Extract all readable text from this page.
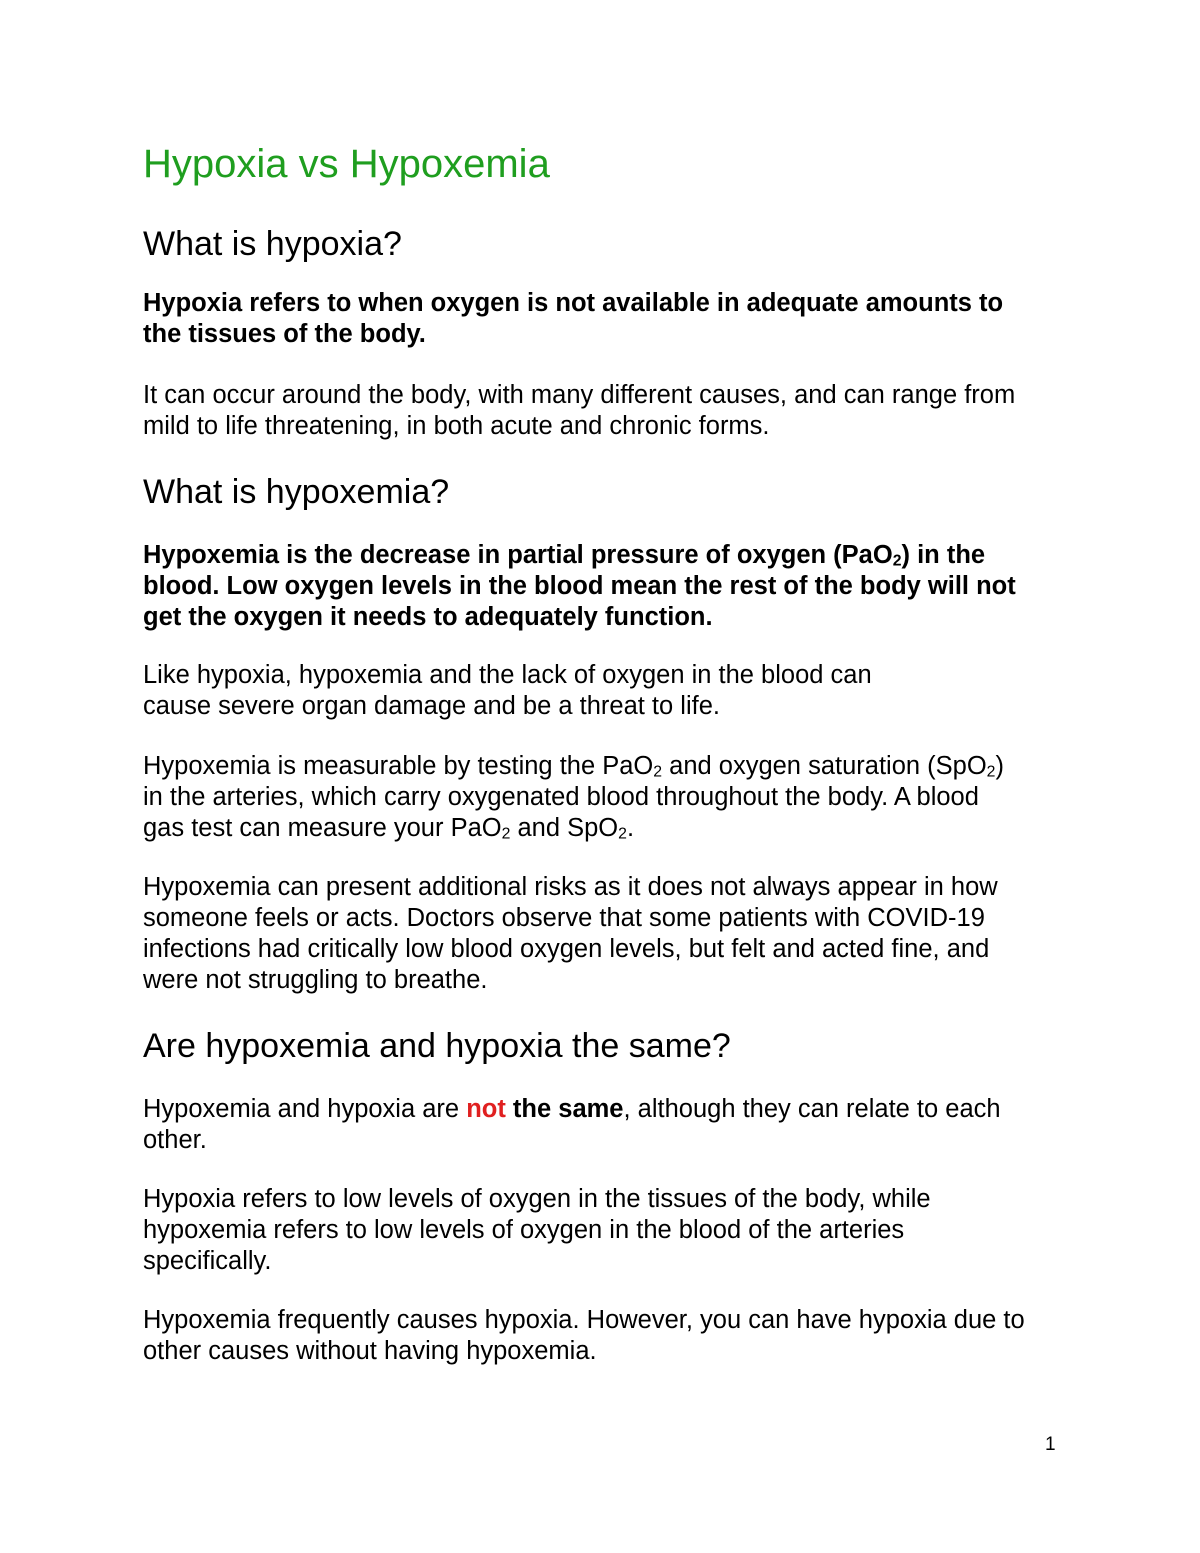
Hypoxia vs Hypoxemia
What is hypoxia?

Hypoxia refers to when oxygen is not available in adequate amounts to
the tissues of the body.

It can occur around the body, with many different causes, and can range from
mild to life threatening, in both acute and chronic forms.

What is hypoxemia?

Hypoxemia is the decrease in partial pressure of oxygen (PaO$_2$) in the
blood. Low oxygen levels in the blood mean the rest of the body will not
get the oxygen it needs to adequately function.

Like hypoxia, hypoxemia and the lack of oxygen in the blood can
cause severe organ damage and be a threat to life.

Hypoxemia is measurable by testing the PaO$_2$ and oxygen saturation (SpO$_2$)
in the arteries, which carry oxygenated blood throughout the body. A blood
gas test can measure your PaO$_2$ and SpO$_2$.

Hypoxemia can present additional risks as it does not always appear in how
someone feels or acts. Doctors observe that some patients with COVID-19
infections had critically low blood oxygen levels, but felt and acted fine, and
were not struggling to breathe.

Are hypoxemia and hypoxia the same?

Hypoxemia and hypoxia are not the same, although they can relate to each
other.

Hypoxia refers to low levels of oxygen in the tissues of the body, while
hypoxemia refers to low levels of oxygen in the blood of the arteries
specifically.

Hypoxemia frequently causes hypoxia. However, you can have hypoxia due to
other causes without having hypoxemia.

1
